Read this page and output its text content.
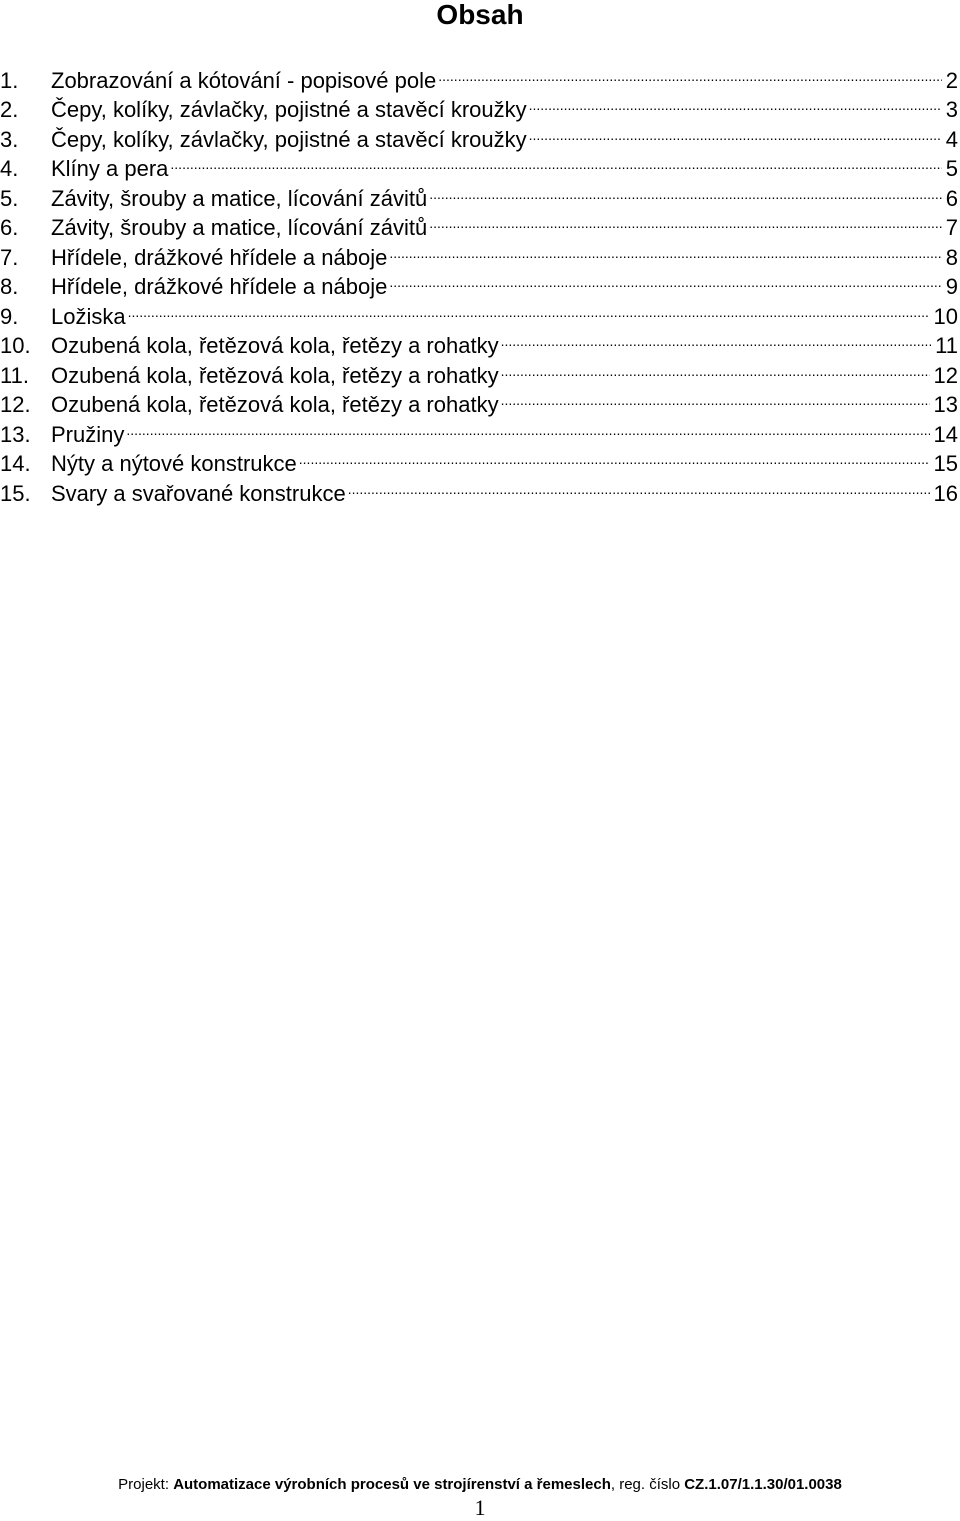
Obsah
1.	Zobrazování a kótování - popisové pole .....	2
2.	Čepy, kolíky, závlačky, pojistné a stavěcí kroužky .....	3
3.	Čepy, kolíky, závlačky, pojistné a stavěcí kroužky .....	4
4.	Klíny a pera .....	5
5.	Závity, šrouby a matice, lícování závitů .....	6
6.	Závity, šrouby a matice, lícování závitů .....	7
7.	Hřídele, drážkové hřídele a náboje .....	8
8.	Hřídele, drážkové hřídele a náboje .....	9
9.	Ložiska .....	10
10. Ozubená kola, řetězová kola, řetězy a rohatky .....	11
11.	Ozubená kola, řetězová kola, řetězy a rohatky .....	12
12. Ozubená kola, řetězová kola, řetězy a rohatky .....	13
13. Pružiny .....	14
14. Nýty a nýtové konstrukce .....	15
15. Svary a svařované konstrukce .....	16
Projekt: Automatizace výrobních procesů ve strojírenství a řemeslech, reg. číslo CZ.1.07/1.1.30/01.0038
1
